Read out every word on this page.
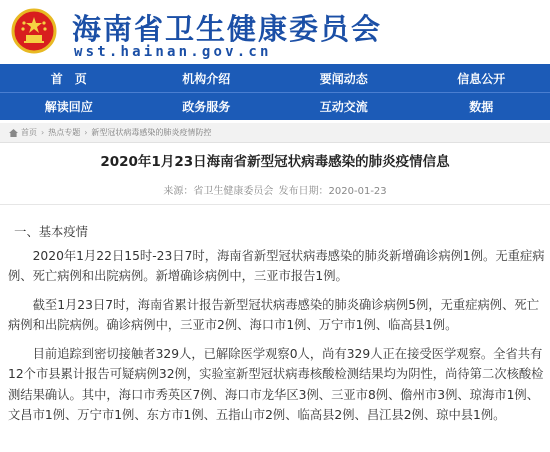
海南省卫生健康委员会
wst.hainan.gov.cn
首　页	机构介绍	要闻动态	信息公开
解读回应	政务服务	互动交流	数据
首页 › 热点专题 › 新型冠状病毒感染的肺炎疫情防控
2020年1月23日海南省新型冠状病毒感染的肺炎疫情信息
来源：省卫生健康委员会 发布日期：2020-01-23

一、基本疫情

2020年1月22日15时-23日7时，海南省新型冠状病毒感染的肺炎新增确诊病例1例。无重症病例、死亡病例和出院病例。新增确诊病例中，三亚市报告1例。

截至1月23日7时，海南省累计报告新型冠状病毒感染的肺炎确诊病例5例，无重症病例、死亡病例和出院病例。确诊病例中，三亚市2例、海口市1例、万宁市1例、临高县1例。

目前追踪到密切接触者329人，已解除医学观察0人，尚有329人正在接受医学观察。全省共有12个市县累计报告可疑病例32例，实验室新型冠状病毒核酸检测结果均为阴性，尚待第二次核酸检测结果确认。其中，海口市秀英区7例、海口市龙华区3例、三亚市8例、儋州市3例、琼海市1例、文昌市1例、万宁市1例、东方市1例、五指山市2例、临高县2例、昌江县2例、琼中县1例。
